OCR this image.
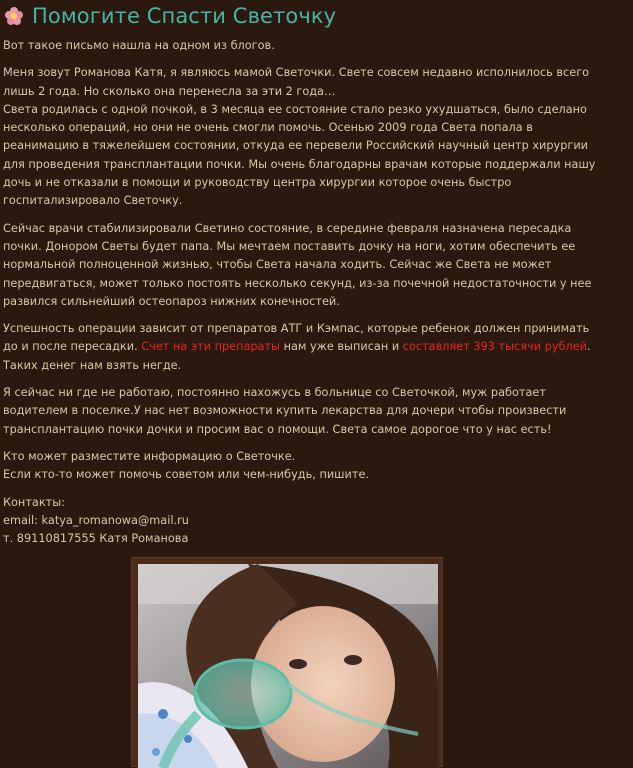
Помогите Спасти Светочку

Вот такое письмо нашла на одном из блогов.

Меня зовут Романова Катя, я являюсь мамой Светочки. Свете совсем недавно исполнилось всего
лишь 2 года. Но сколько она перенесла за эти 2 года…
Света родилась с одной почкой, в 3 месяца ее состояние стало резко ухудшаться, было сделано
несколько операций, но они не очень смогли помочь. Осенью 2009 года Света попала в
реанимацию в тяжелейшем состоянии, откуда ее перевели Российский научный центр хирургии
для проведения трансплантации почки. Мы очень благодарны врачам которые поддержали нашу
дочь и не отказали в помощи и руководству центра хирургии которое очень быстро
госпитализировало Светочку.

Сейчас врачи стабилизировали Светино состояние, в середине февраля назначена пересадка
почки. Донором Светы будет папа. Мы мечтаем поставить дочку на ноги, хотим обеспечить ее
нормальной полноценной жизнью, чтобы Света начала ходить. Сейчас же Света не может
передвигаться, может только постоять несколько секунд, из-за почечной недостаточности у нее
развился сильнейший остеопароз нижних конечностей.

Успешность операции зависит от препаратов АТГ и Кэмпас, которые ребенок должен принимать
до и после пересадки. Счет на эти препараты нам уже выписан и составляет 393 тысячи рублей.
Таких денег нам взять негде.

Я сейчас ни где не работаю, постоянно нахожусь в больнице со Светочкой, муж работает
водителем в поселке.У нас нет возможности купить лекарства для дочери чтобы произвести
трансплантацию почки дочки и просим вас о помощи. Света самое дорогое что у нас есть!

Кто может разместите информацию о Светочке.
Если кто-то может помочь советом или чем-нибудь, пишите.

Контакты:
email: katya_romanowa@mail.ru
т. 89110817555 Катя Романова
